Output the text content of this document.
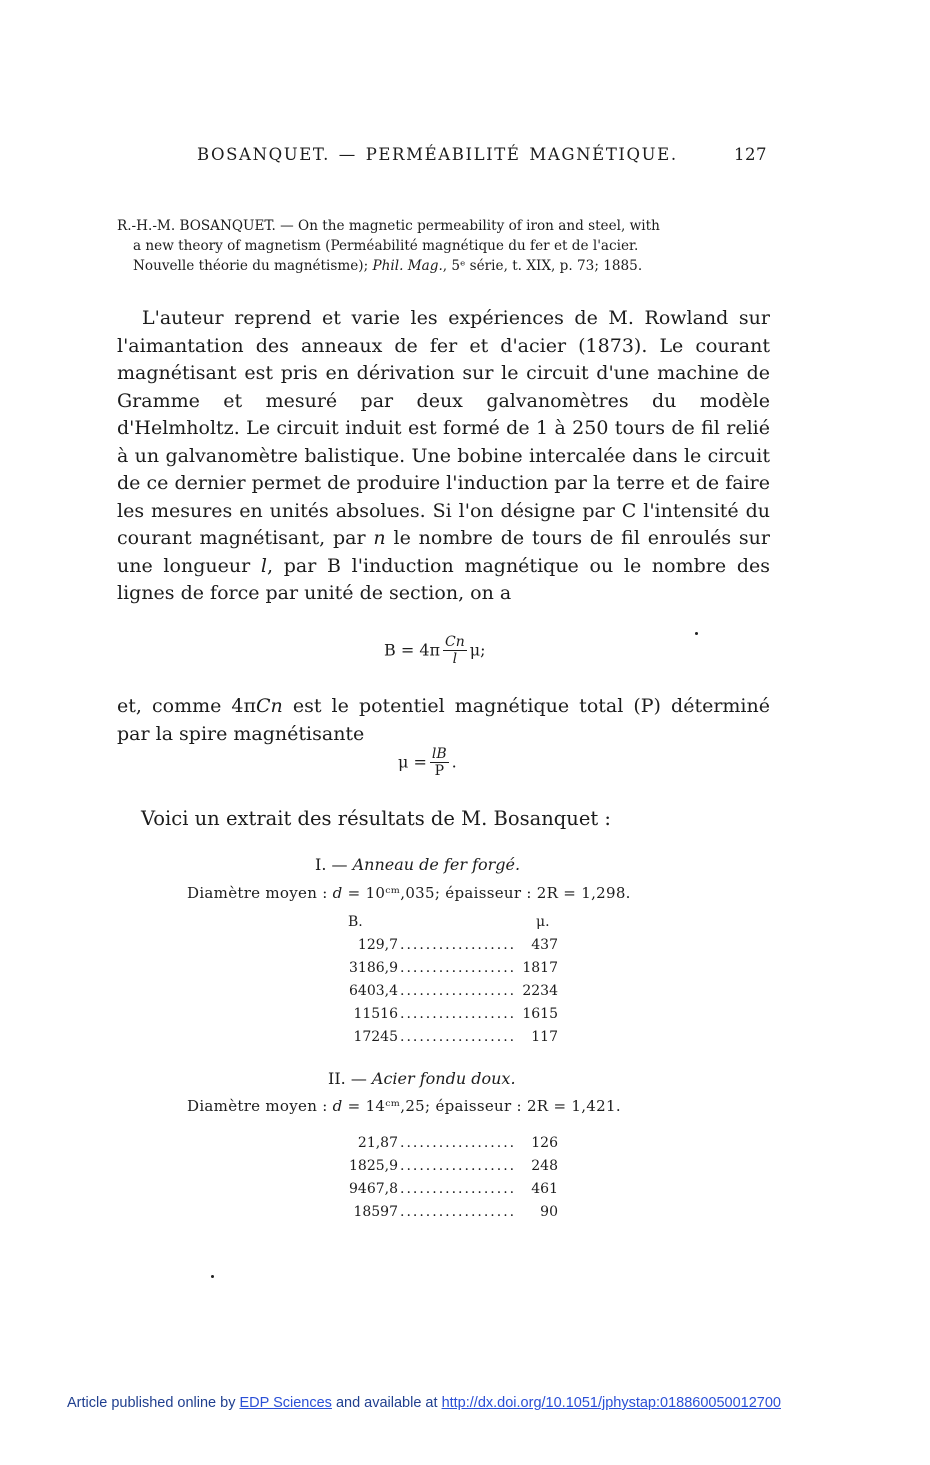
BOSANQUET. — PERMÉABILITÉ MAGNÉTIQUE.	127
R.-H.-M. BOSANQUET. — On the magnetic permeability of iron and steel, with
a new theory of magnetism (Perméabilité magnétique du fer et de l'acier.
Nouvelle théorie du magnétisme); Phil. Mag., 5ᵉ série, t. XIX, p. 73; 1885.

L'auteur reprend et varie les expériences de M. Rowland sur l'aimantation des anneaux de fer et d'acier (1873). Le courant magnétisant est pris en dérivation sur le circuit d'une machine de Gramme et mesuré par deux galvanomètres du modèle d'Helmholtz. Le circuit induit est formé de 1 à 250 tours de fil relié à un galvanomètre balistique. Une bobine intercalée dans le circuit de ce dernier permet de produire l'induction par la terre et de faire les mesures en unités absolues. Si l'on désigne par C l'intensité du courant magnétisant, par n le nombre de tours de fil enroulés sur une longueur l, par B l'induction magnétique ou le nombre des lignes de force par unité de section, on a

$B = 4\pi \frac{Cn}{l} \mu$;

et, comme 4πCn est le potentiel magnétique total (P) déterminé par la spire magnétisante

$\mu = \frac{lB}{P}$ .
Voici un extrait des résultats de M. Bosanquet :
I. — Anneau de fer forgé.
Diamètre moyen : d = 10ᶜᵐ,035; épaisseur : 2R = 1,298.
B.	μ.
129,7 .................. 437
3186,9 .................. 1817
6403,4 .................. 2234
11516 .................. 1615
17245 .................. 117
II. — Acier fondu doux.
Diamètre moyen : d = 14ᶜᵐ,25; épaisseur : 2R = 1,421.
21,87 .................. 126
1825,9 .................. 248
9467,8 .................. 461
18597 .................. 90
Article published online by EDP Sciences and available at http://dx.doi.org/10.1051/jphystap:018860050012700
